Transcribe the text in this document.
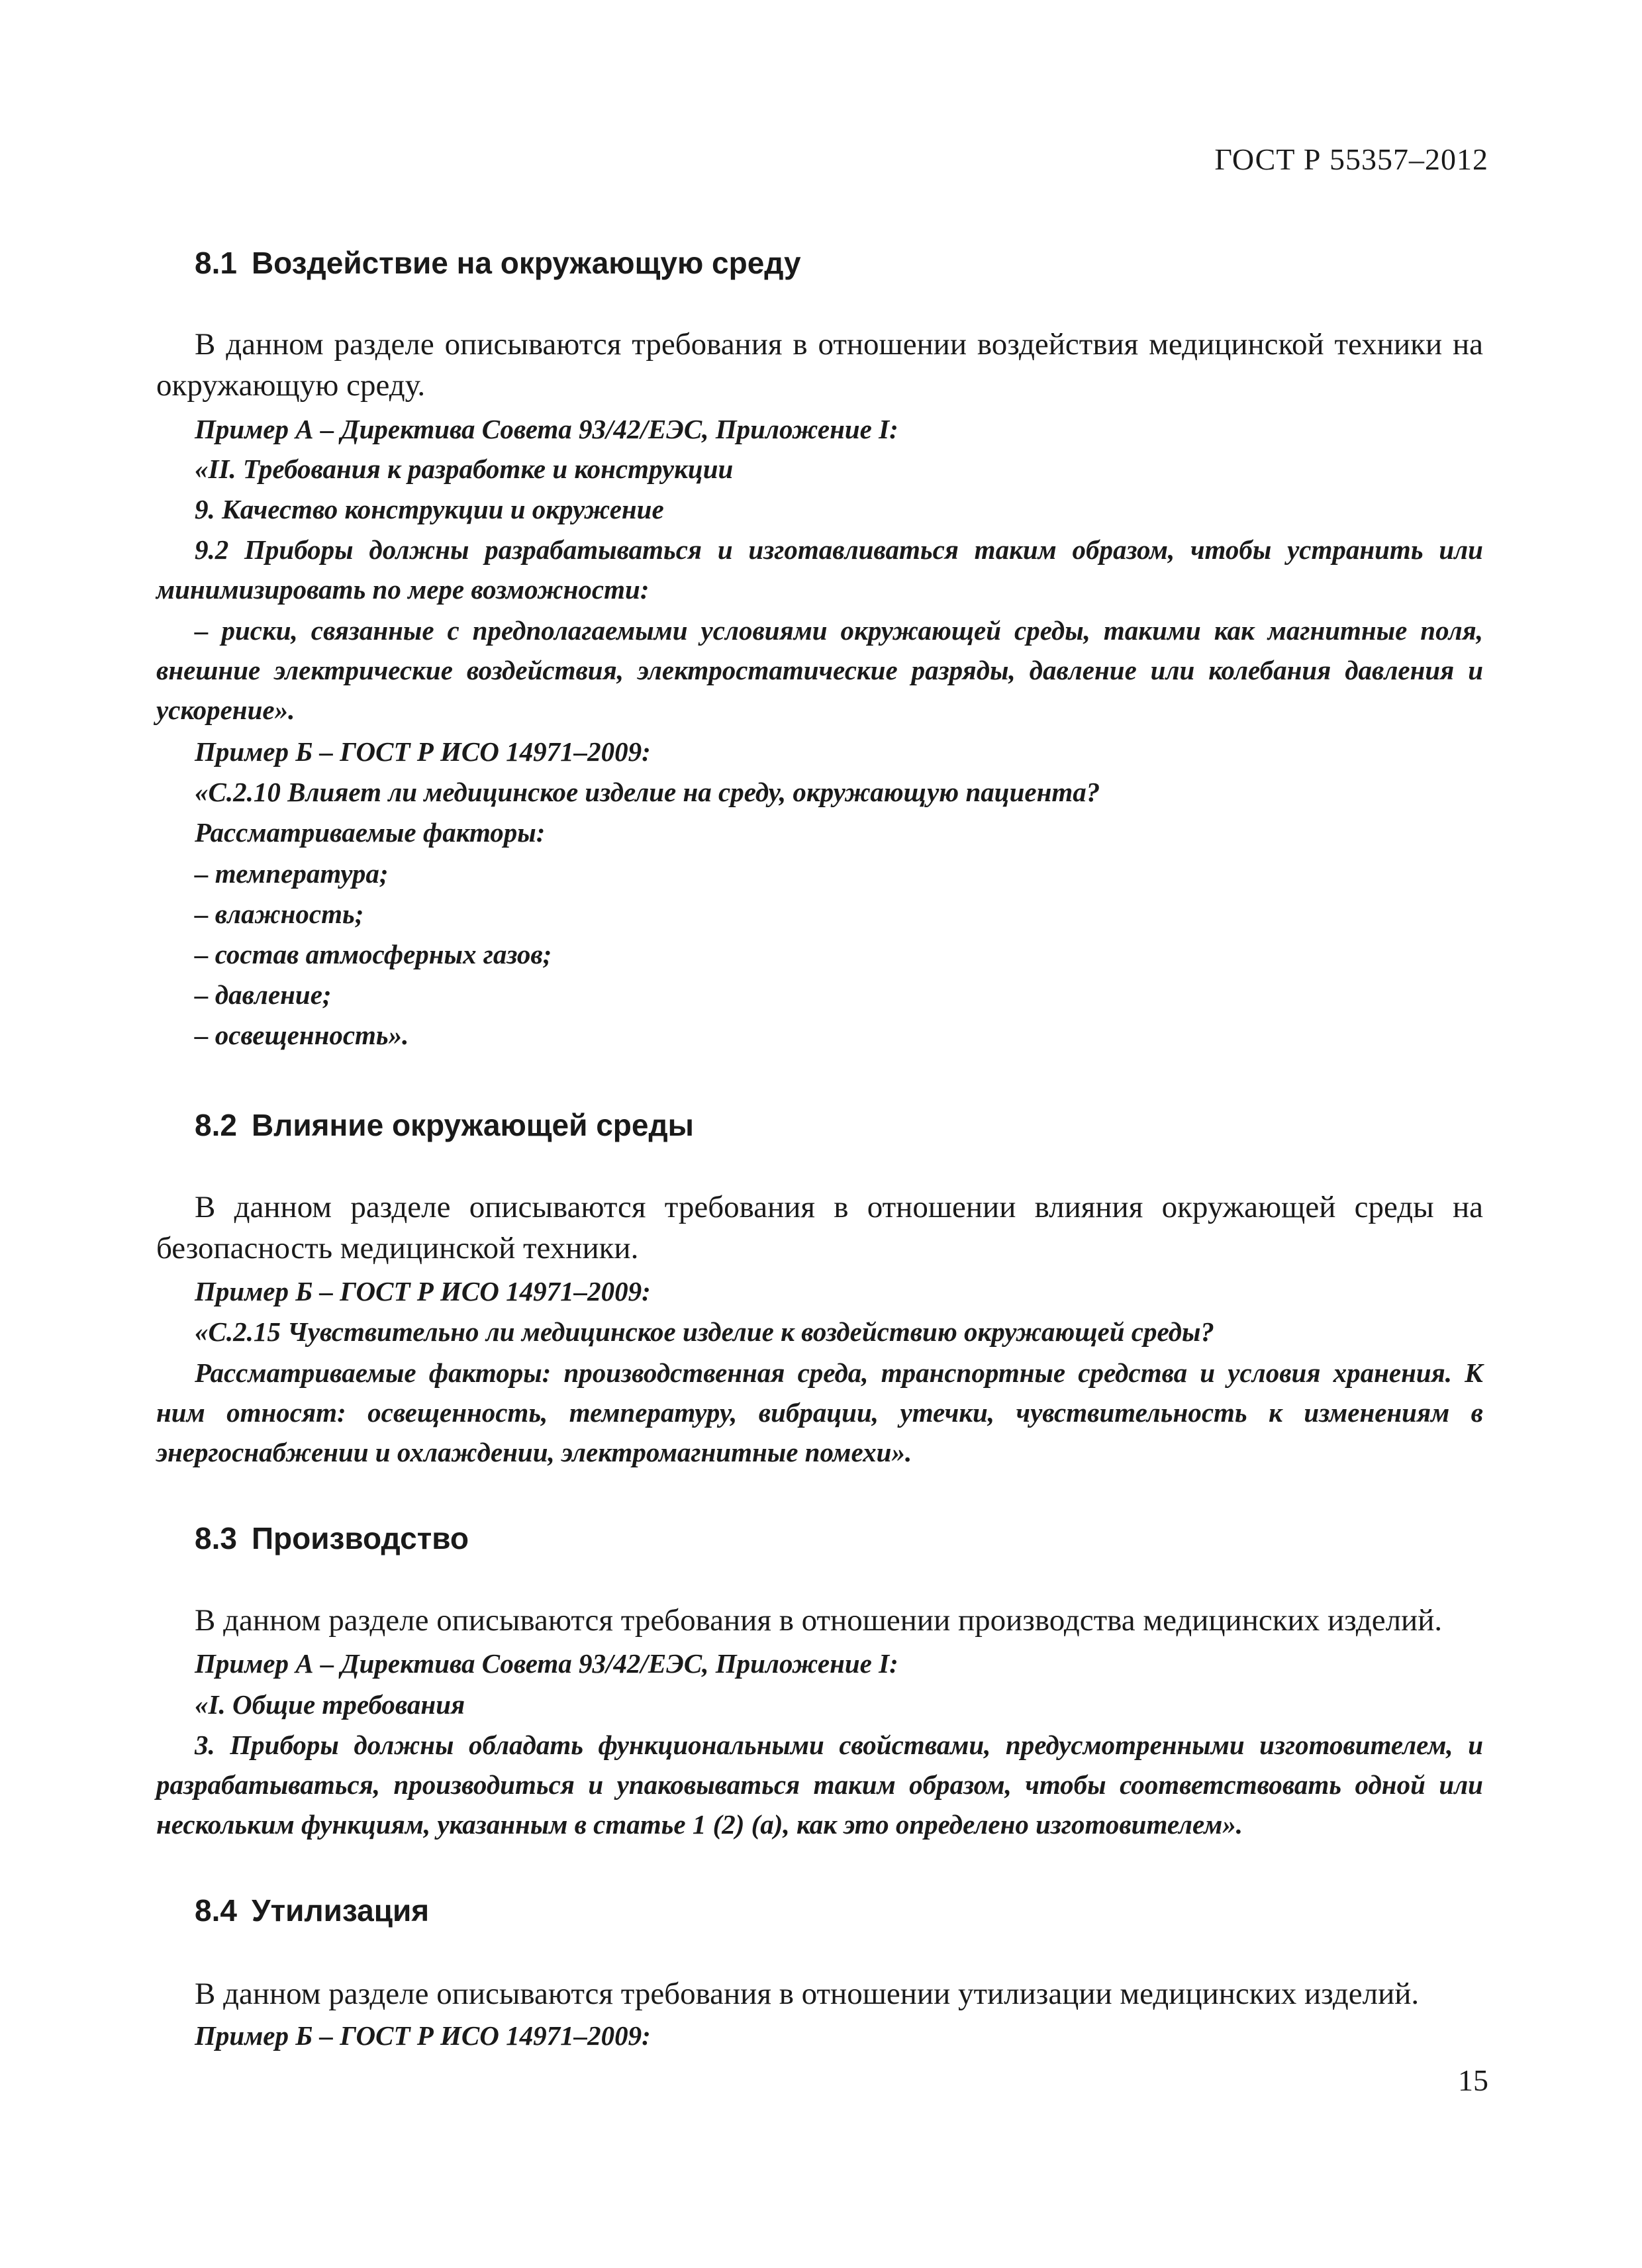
ГОСТ Р 55357–2012
8.1 Воздействие на окружающую среду

В данном разделе описываются требования в отношении воздействия медицинской техники на окружающую среду.

Пример А – Директива Совета 93/42/ЕЭС, Приложение I:

«II. Требования к разработке и конструкции

9. Качество конструкции и окружение

9.2 Приборы должны разрабатываться и изготавливаться таким образом, чтобы устранить или минимизировать по мере возможности:

– риски, связанные с предполагаемыми условиями окружающей среды, такими как магнитные поля, внешние электрические воздействия, электростатические разряды, давление или колебания давления и ускорение».

Пример Б – ГОСТ Р ИСО 14971–2009:

«С.2.10 Влияет ли медицинское изделие на среду, окружающую пациента?

Рассматриваемые факторы:

– температура;

– влажность;

– состав атмосферных газов;

– давление;

– освещенность».

8.2 Влияние окружающей среды

В данном разделе описываются требования в отношении влияния окружающей среды на безопасность медицинской техники.

Пример Б – ГОСТ Р ИСО 14971–2009:

«С.2.15 Чувствительно ли медицинское изделие к воздействию окружающей среды?

Рассматриваемые факторы: производственная среда, транспортные средства и условия хранения. К ним относят: освещенность, температуру, вибрации, утечки, чувствительность к изменениям в энергоснабжении и охлаждении, электромагнитные помехи».

8.3 Производство

В данном разделе описываются требования в отношении производства медицинских изделий.

Пример А – Директива Совета 93/42/ЕЭС, Приложение I:

«I. Общие требования

3. Приборы должны обладать функциональными свойствами, предусмотренными изготовителем, и разрабатываться, производиться и упаковываться таким образом, чтобы соответствовать одной или нескольким функциям, указанным в статье 1 (2) (a), как это определено изготовителем».

8.4 Утилизация

В данном разделе описываются требования в отношении утилизации медицинских изделий.

Пример Б – ГОСТ Р ИСО 14971–2009:

15
